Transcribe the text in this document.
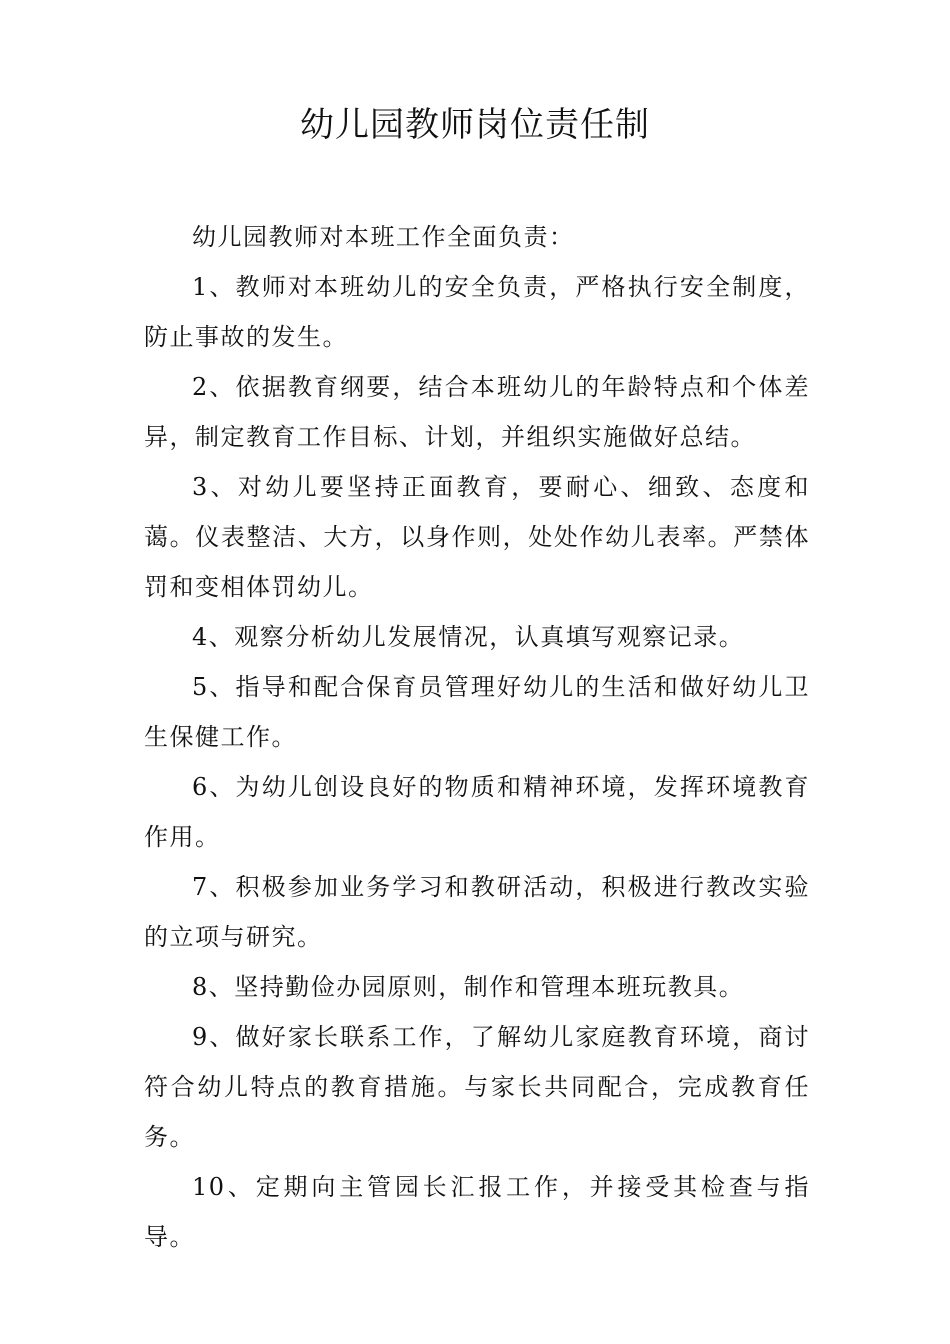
幼儿园教师岗位责任制

幼儿园教师对本班工作全面负责：

1、教师对本班幼儿的安全负责，严格执行安全制度，防止事故的发生。

2、依据教育纲要，结合本班幼儿的年龄特点和个体差异，制定教育工作目标、计划，并组织实施做好总结。

3、对幼儿要坚持正面教育，要耐心、细致、态度和蔼。仪表整洁、大方，以身作则，处处作幼儿表率。严禁体罚和变相体罚幼儿。

4、观察分析幼儿发展情况，认真填写观察记录。

5、指导和配合保育员管理好幼儿的生活和做好幼儿卫生保健工作。

6、为幼儿创设良好的物质和精神环境，发挥环境教育作用。

7、积极参加业务学习和教研活动，积极进行教改实验的立项与研究。

8、坚持勤俭办园原则，制作和管理本班玩教具。

9、做好家长联系工作，了解幼儿家庭教育环境，商讨符合幼儿特点的教育措施。与家长共同配合，完成教育任务。

10、定期向主管园长汇报工作，并接受其检查与指导。
